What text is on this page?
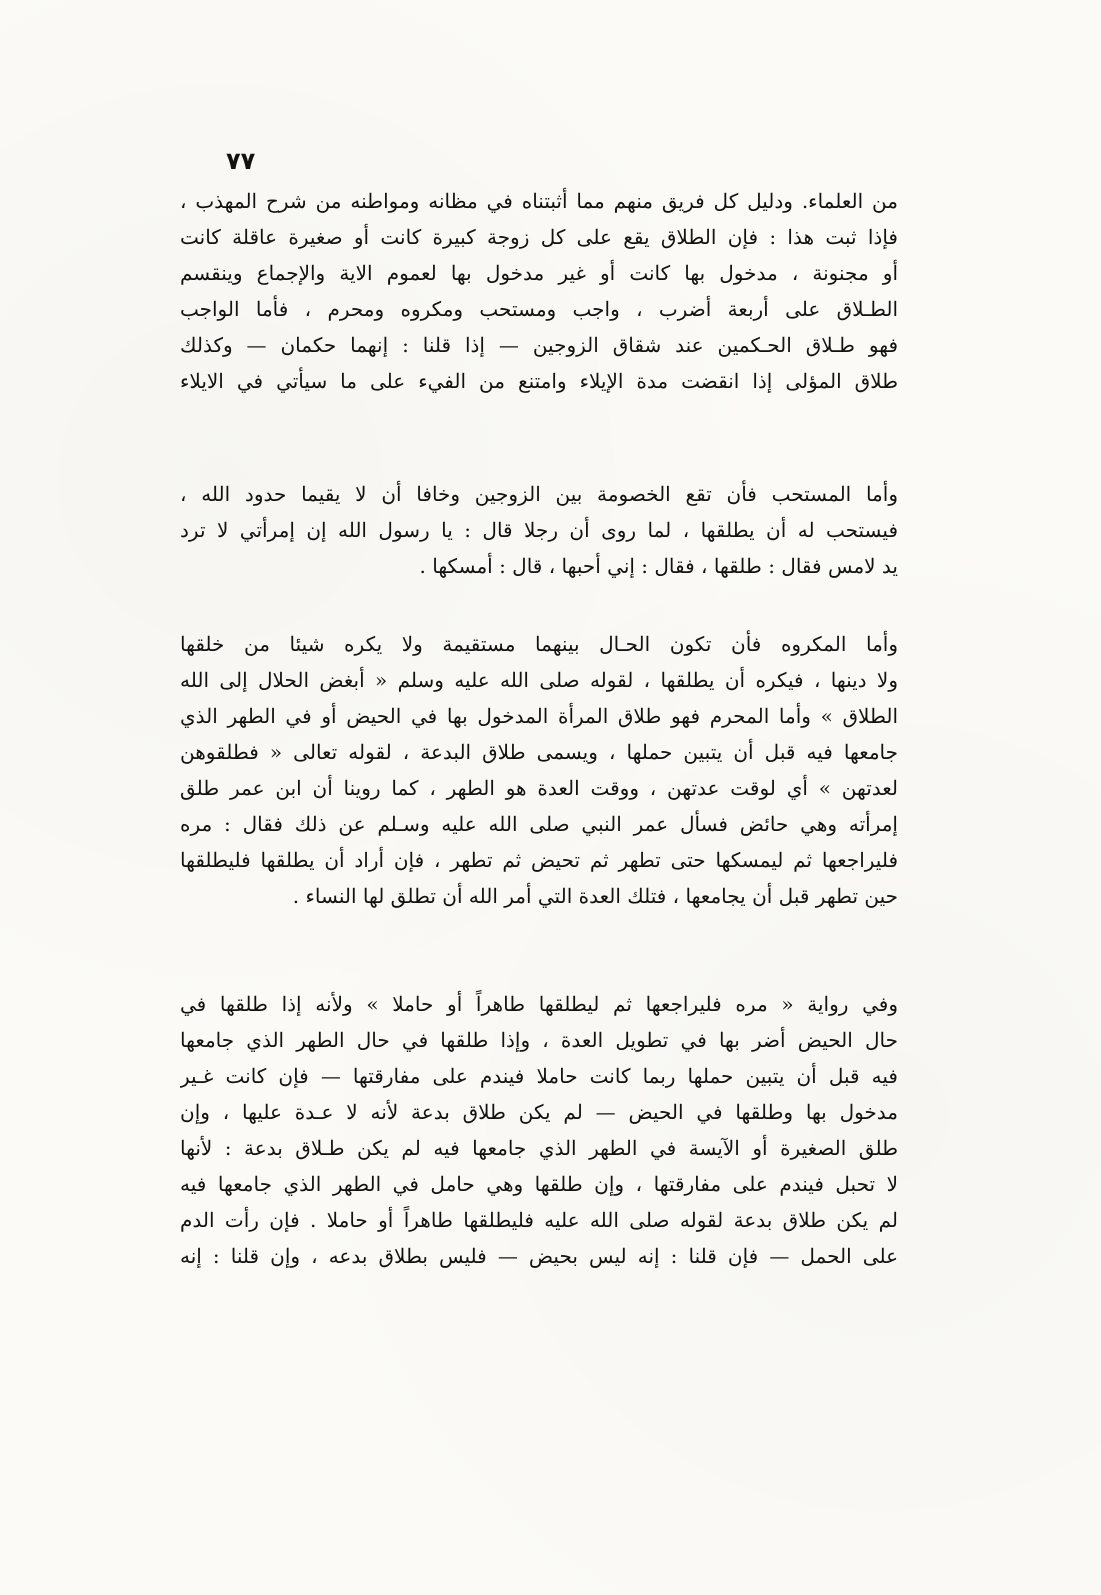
٧٧
من العلماء. ودليل كل فريق منهم مما أثبتناه في مظانه ومواطنه من شرح المهذب ،
فإذا ثبت هذا : فإن الطلاق يقع على كل زوجة كبيرة كانت أو صغيرة عاقلة كانت
أو مجنونة ، مدخول بها كانت أو غير مدخول بها لعموم الاية والإجماع وينقسم
الطـلاق على أربعة أضرب ، واجب ومستحب ومكروه ومحرم ، فأما الواجب
فهو طـلاق الحـكمين عند شقاق الزوجين — إذا قلنا : إنهما حكمان — وكذلك
طلاق المؤلى إذا انقضت مدة الإيلاء وامتنع من الفيء على ما سيأتي في الايلاء
وأما المستحب فأن تقع الخصومة بين الزوجين وخافا أن لا يقيما حدود الله ،
فيستحب له أن يطلقها ، لما روى أن رجلا قال : يا رسول الله إن إمرأتي لا ترد
يد لامس فقال : طلقها ، فقال : إني أحبها ، قال : أمسكها .
وأما المكروه فأن تكون الحـال بينهما مستقيمة ولا يكره شيئا من خلقها
ولا دينها ، فيكره أن يطلقها ، لقوله صلى الله عليه وسلم « أبغض الحلال إلى الله
الطلاق » وأما المحرم فهو طلاق المرأة المدخول بها في الحيض أو في الطهر الذي
جامعها فيه قبل أن يتبين حملها ، ويسمى طلاق البدعة ، لقوله تعالى « فطلقوهن
لعدتهن » أي لوقت عدتهن ، ووقت العدة هو الطهر ، كما روينا أن ابن عمر طلق
إمرأته وهي حائض فسأل عمر النبي صلى الله عليه وسـلم عن ذلك فقال : مره
فليراجعها ثم ليمسكها حتى تطهر ثم تحيض ثم تطهر ، فإن أراد أن يطلقها فليطلقها
حين تطهر قبل أن يجامعها ، فتلك العدة التي أمر الله أن تطلق لها النساء .
وفي رواية « مره فليراجعها ثم ليطلقها طاهراً أو حاملا » ولأنه إذا طلقها في
حال الحيض أضر بها في تطويل العدة ، وإذا طلقها في حال الطهر الذي جامعها
فيه قبل أن يتبين حملها ربما كانت حاملا فيندم على مفارقتها — فإن كانت غـير
مدخول بها وطلقها في الحيض — لم يكن طلاق بدعة لأنه لا عـدة عليها ، وإن
طلق الصغيرة أو الآيسة في الطهر الذي جامعها فيه لم يكن طـلاق بدعة : لأنها
لا تحبل فيندم على مفارقتها ، وإن طلقها وهي حامل في الطهر الذي جامعها فيه
لم يكن طلاق بدعة لقوله صلى الله عليه فليطلقها طاهراً أو حاملا . فإن رأت الدم
على الحمل — فإن قلنا : إنه ليس بحيض — فليس بطلاق بدعه ، وإن قلنا : إنه
